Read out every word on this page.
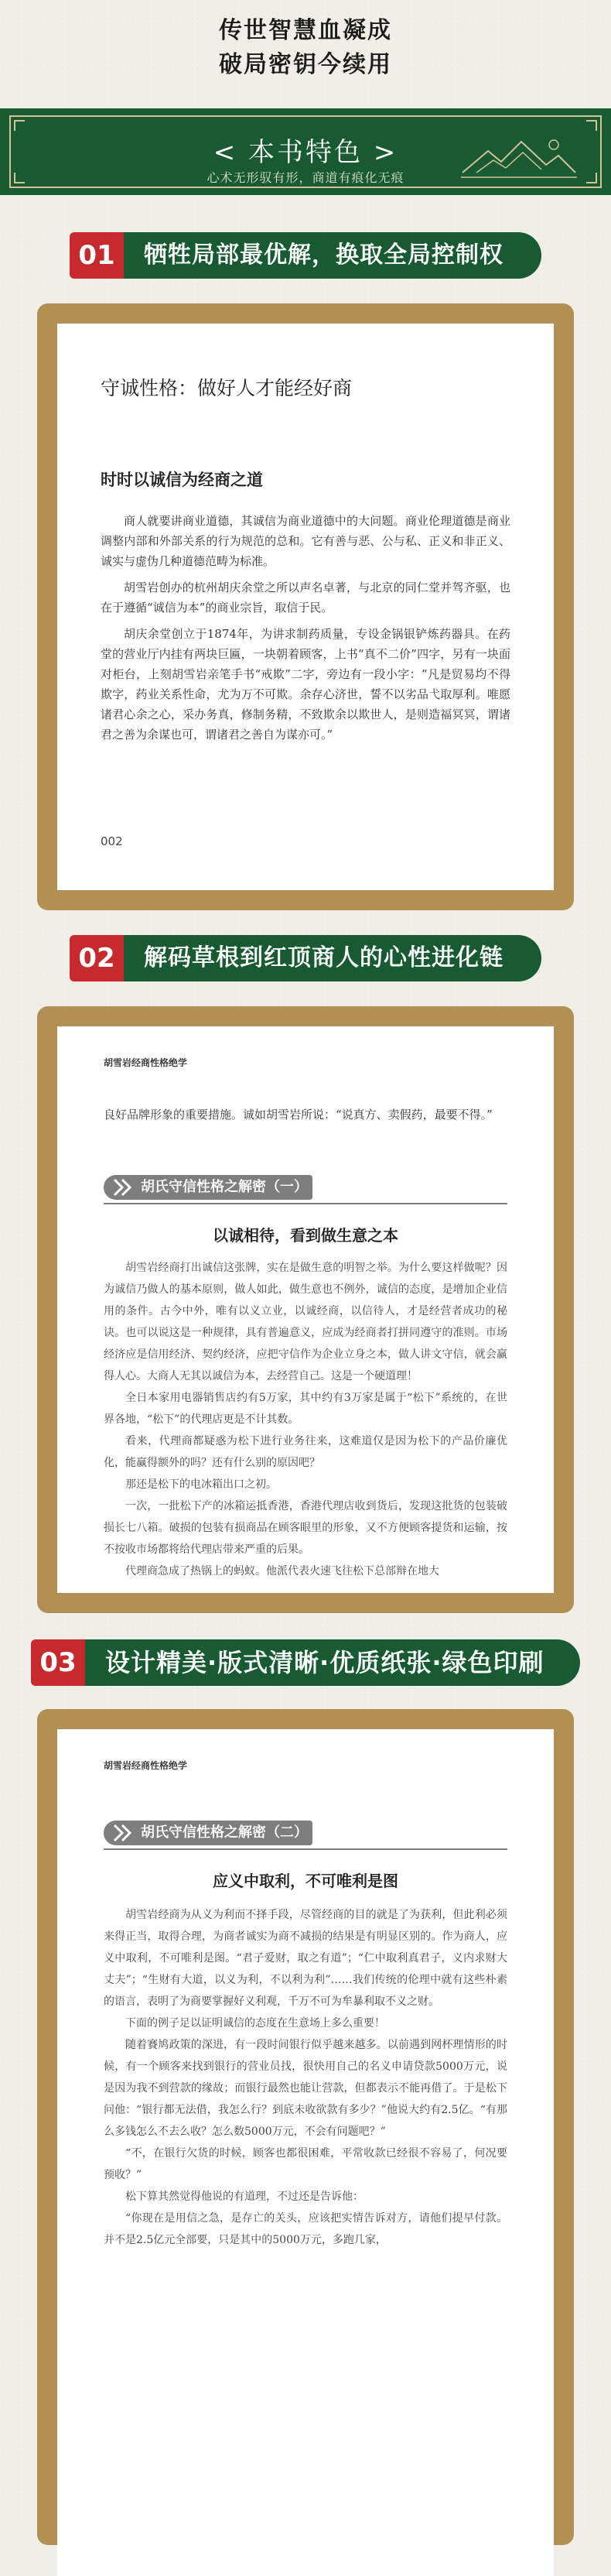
传世智慧血凝成
破局密钥今续用
< 本书特色 >
心术无形驭有形，商道有痕化无痕
牺牲局部最优解，换取全局控制权
01
守诚性格：做好人才能经好商
时时以诚信为经商之道

商人就要讲商业道德，其诚信为商业道德中的大问题。商业伦理道德是商业调整内部和外部关系的行为规范的总和。它有善与恶、公与私、正义和非正义、诚实与虚伪几种道德范畴为标准。

胡雪岩创办的杭州胡庆余堂之所以声名卓著，与北京的同仁堂并驾齐驱，也在于遵循“诚信为本”的商业宗旨，取信于民。

胡庆余堂创立于1874年，为讲求制药质量，专设金锅银铲炼药器具。在药堂的营业厅内挂有两块巨匾，一块朝着顾客，上书“真不二价”四字，另有一块面对柜台，上刻胡雪岩亲笔手书“戒欺”二字，旁边有一段小字：“凡是贸易均不得欺字，药业关系性命，尤为万不可欺。余存心济世，誓不以劣品弋取厚利。唯愿诸君心余之心，采办务真，修制务精，不致欺余以欺世人，是则造福冥冥，谓诸君之善为余谋也可，谓诸君之善自为谋亦可。”

002
解码草根到红顶商人的心性进化链
02
胡雪岩经商性格绝学
良好品牌形象的重要措施。诚如胡雪岩所说：“说真方、卖假药，最要不得。”
胡氏守信性格之解密（一）
以诚相待，看到做生意之本

胡雪岩经商打出诚信这张牌，实在是做生意的明智之举。为什么要这样做呢？因为诚信乃做人的基本原则，做人如此，做生意也不例外，诚信的态度，是增加企业信用的条件。古今中外，唯有以义立业，以诚经商，以信待人，才是经营者成功的秘诀。也可以说这是一种规律，具有普遍意义，应成为经商者打拼同遵守的准则。市场经济应是信用经济、契约经济，应把守信作为企业立身之本，做人讲文守信，就会赢得人心。大商人无其以诚信为本，去经营自己。这是一个硬道理！

全日本家用电器销售店约有5万家，其中约有3万家是属于“松下”系统的，在世界各地，“松下”的代理店更是不计其数。

看来，代理商都疑惑为松下进行业务往来，这难道仅是因为松下的产品价廉优化，能赢得额外的吗？还有什么别的原因吧？

那还是松下的电冰箱出口之初。

一次，一批松下产的冰箱运抵香港，香港代理店收到货后，发现这批货的包装破损长七八箱。破损的包装有损商品在顾客眼里的形象，又不方便顾客提货和运输，按不按收市场都将给代理店带来严重的后果。

代理商急成了热锅上的蚂蚁。他派代表火速飞往松下总部辩在地大

设计精美·版式清晰·优质纸张·绿色印刷
03
胡雪岩经商性格绝学
胡氏守信性格之解密（二）
应义中取利，不可唯利是图

胡雪岩经商为从义为利而不择手段，尽管经商的目的就是了为获利，但此利必须来得正当，取得合理，为商者诚实为商不减损的结果是有明显区别的。作为商人，应义中取利，不可唯利是图。“君子爱财，取之有道”；“仁中取利真君子，义内求财大丈夫”；“生财有大道，以义为利，不以利为利”……我们传统的伦理中就有这些朴素的语言，表明了为商要掌握好义利观，千万不可为牟暴利取不义之财。

下面的例子足以证明诚信的态度在生意场上多么重要！

随着賽鸠政策的深进，有一段时间银行似乎越来越多。以前遇到网杯理情形的时候，有一个顾客来找到银行的营业员找，很快用自己的名义申请贷款5000万元，说是因为我不到营款的缘故；而银行最然也能让营款，但都表示不能再借了。于是松下问他：“银行都无法借，我怎么行？到底未收欲款有多少？”他说大约有2.5亿。“有那么多钱怎么不去么收？怎么数5000万元，不会有问题吧？”

“不，在银行欠货的时候，顾客也都很困难，平常收款已经很不容易了，何况要预收？”

松下算其然觉得他说的有道理，不过还是告诉他：

“你现在是用信之急，是存亡的关头，应该把实情告诉对方，请他们提早付款。并不是2.5亿元全部要，只是其中的5000万元，多跑几家，
